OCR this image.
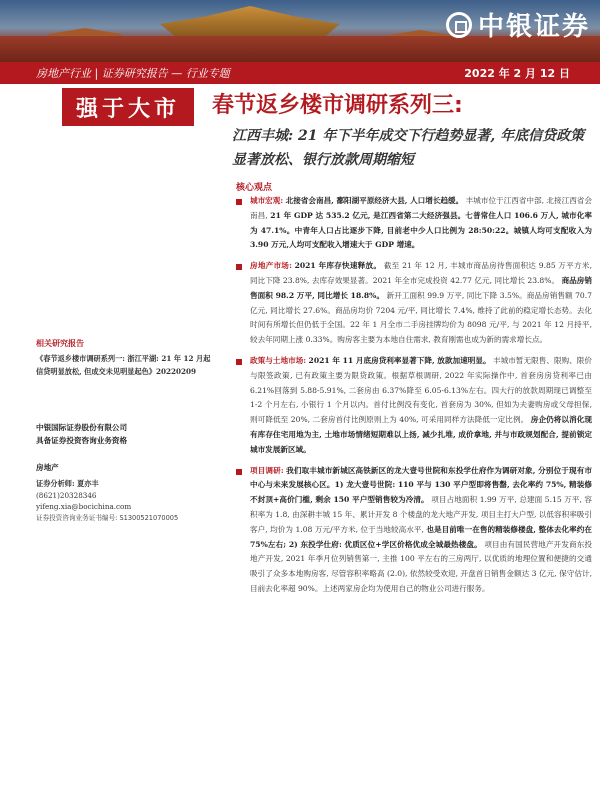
中银证券
房地产行业 | 证券研究报告 — 行业专题	2022 年 2 月 12 日
强于大市	春节返乡楼市调研系列三:
江西丰城: 21 年下半年成交下行趋势显著, 年底信贷政策显著放松、银行放款周期缩短
核心观点
城市宏观: 北接省会南昌, 鄱阳湖平原经济大县, 人口增长趋缓。 丰城市位于江西省中部, 北接江西省会南昌, 21 年 GDP 达 535.2 亿元, 是江西省第二大经济强县。七普常住人口 106.6 万人, 城市化率为 47.1%。中青年人口占比逐步下降, 目前老中少人口比例为 28:50:22。城镇人均可支配收入为 3.90 万元,人均可支配收入增速大于 GDP 增速。
房地产市场: 2021 年库存快速释放。 截至 21 年 12 月, 丰城市商品房待售面积达 9.85 万平方米, 同比下降 23.8%, 去库存效果显著。2021 年全市完成投资 42.77 亿元, 同比增长 23.8%。 商品房销售面积 98.2 万平, 同比增长 18.8%。 新开工面积 99.9 万平, 同比下降 3.5%。商品房销售额 70.7 亿元, 同比增长 27.6%。商品房均价 7204 元/平, 同比增长 7.4%, 维持了此前的稳定增长态势。去化时间有所增长但仍低于全国。22 年 1 月全市二手房挂牌均价为 8098 元/平, 与 2021 年 12 月持平, 较去年同期上涨 0.33%。购房客主要为本地自住需求, 教育刚需也成为新的需求增长点。
政策与土地市场: 2021 年 11 月底房贷利率显著下降, 放款加速明显。 丰城市暂无限售、限购、限价与限签政策, 已有政策主要为限贷政策。根据草根调研, 2022 年实际操作中, 首套房房贷利率已由 6.21%回落到 5.88-5.91%, 二套房由 6.37%降至 6.05-6.13%左右。四大行的放款周期现已调整至 1-2 个月左右, 小银行 1 个月以内。首付比例没有变化, 首套房为 30%, 但如为夫妻购房或父母担保, 则可降低至 20%, 二套房首付比例原则上为 40%, 可采用同样方法降低一定比例。 房企仍将以消化现有库存住宅用地为主, 土地市场情绪短期难以上扬, 减少扎堆, 成价拿地, 并与市政规划配合, 提前锁定城市发展新区域。
项目调研: 我们取丰城市新城区高铁新区的龙大壹号世院和东投学仕府作为调研对象, 分别位于现有市中心与未来发展核心区。1) 龙大壹号世院: 110 平与 130 平户型即将售罄, 去化率约 75%, 精装修不封顶+高价门槛, 剩余 150 平户型销售较为冷清。 项目占地面积 1.99 万平, 总建面 5.15 万平, 容积率为 1.8, 由深耕丰城 15 年、累计开发 8 个楼盘的龙大地产开发, 项目主打大户型, 以低容积率吸引客户, 均价为 1.08 万元/平方米, 位于当地较高水平, 也是目前唯一在售的精装修楼盘, 整体去化率约在 75%左右; 2) 东投学仕府: 优质区位+学区价格优成全城最热楼盘。 项目由有国民营地产开发商东投地产开发, 2021 年季月位列销售第一, 主推 100 平左右的三房两厅, 以优质的地理位置和便捷的交通吸引了众多本地购房客, 尽管容积率略高 (2.0), 依然较受欢迎, 开盘首日销售金额达 3 亿元, 保守估计, 目前去化率超 90%。上述两家房企均为使用自己的物业公司进行服务。
相关研究报告
《春节返乡楼市调研系列一: 浙江平湖: 21 年 12 月起信贷明显放松, 但成交未见明显起色》20220209
中银国际证券股份有限公司
具备证券投资咨询业务资格
房地产
证券分析师: 夏亦丰
(8621)20328346
yifeng.xia@bocichina.com
证券投资咨询业务证书编号: S1300521070005
